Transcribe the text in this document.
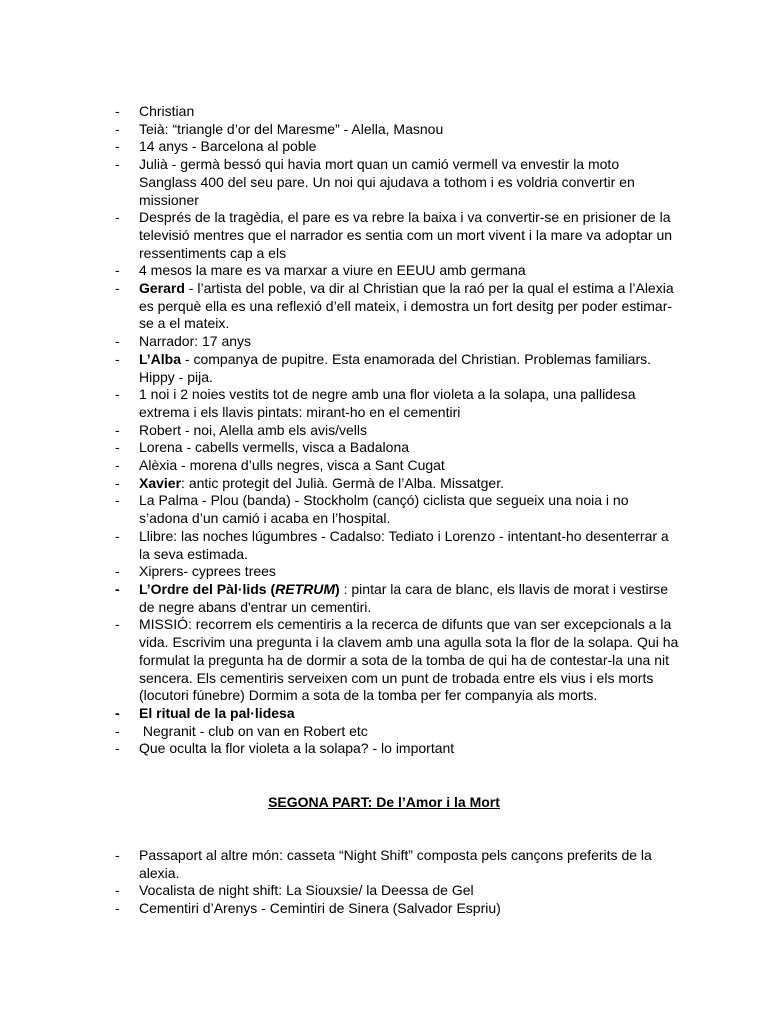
- Christian
- Teià: “triangle d’or del Maresme” - Alella, Masnou
- 14 anys - Barcelona al poble
- Julià - germà bessó qui havia mort quan un camió vermell va envestir la moto Sanglass 400 del seu pare. Un noi qui ajudava a tothom i es voldria convertir en missioner
- Després de la tragèdia, el pare es va rebre la baixa i va convertir-se en prisioner de la televisió mentres que el narrador es sentia com un mort vivent i la mare va adoptar un ressentiments cap a els
- 4 mesos la mare es va marxar a viure en EEUU amb germana
- Gerard - l’artista del poble, va dir al Christian que la raó per la qual el estima a l’Alexia es perquè ella es una reflexió d’ell mateix, i demostra un fort desitg per poder estimar-se a el mateix.
- Narrador: 17 anys
- L’Alba - companya de pupitre. Esta enamorada del Christian. Problemas familiars. Hippy - pija.
- 1 noi i 2 noies vestits tot de negre amb una flor violeta a la solapa, una pallidesa extrema i els llavis pintats: mirant-ho en el cementiri
- Robert - noi, Alella amb els avis/vells
- Lorena - cabells vermells, visca a Badalona
- Alèxia - morena d’ulls negres, visca a Sant Cugat
- Xavier: antic protegit del Julià. Germà de l’Alba. Missatger.
- La Palma - Plou (banda) - Stockholm (cançó) ciclista que segueix una noia i no s’adona d’un camió i acaba en l’hospital.
- Llibre: las noches lúgumbres - Cadalso: Tediato i Lorenzo - intentant-ho desenterrar a la seva estimada.
- Xiprers- cyprees trees
- L’Ordre del Pàl·lids (RETRUM) : pintar la cara de blanc, els llavis de morat i vestirse de negre abans d'entrar un cementiri.
- MISSIÓ: recorrem els cementiris a la recerca de difunts que van ser excepcionals a la vida. Escrivim una pregunta i la clavem amb una agulla sota la flor de la solapa. Qui ha formulat la pregunta ha de dormir a sota de la tomba de qui ha de contestar-la una nit sencera. Els cementiris serveixen com un punt de trobada entre els vius i els morts (locutori fúnebre) Dormim a sota de la tomba per fer companyia als morts.
- El ritual de la pal·lidesa
- Negranit - club on van en Robert etc
- Que oculta la flor violeta a la solapa? - lo important
SEGONA PART: De l’Amor i la Mort
- Passaport al altre món: casseta “Night Shift” composta pels cançons preferits de la alexia.
- Vocalista de night shift: La Siouxsie/ la Deessa de Gel
- Cementiri d’Arenys - Cemintiri de Sinera (Salvador Espriu)
